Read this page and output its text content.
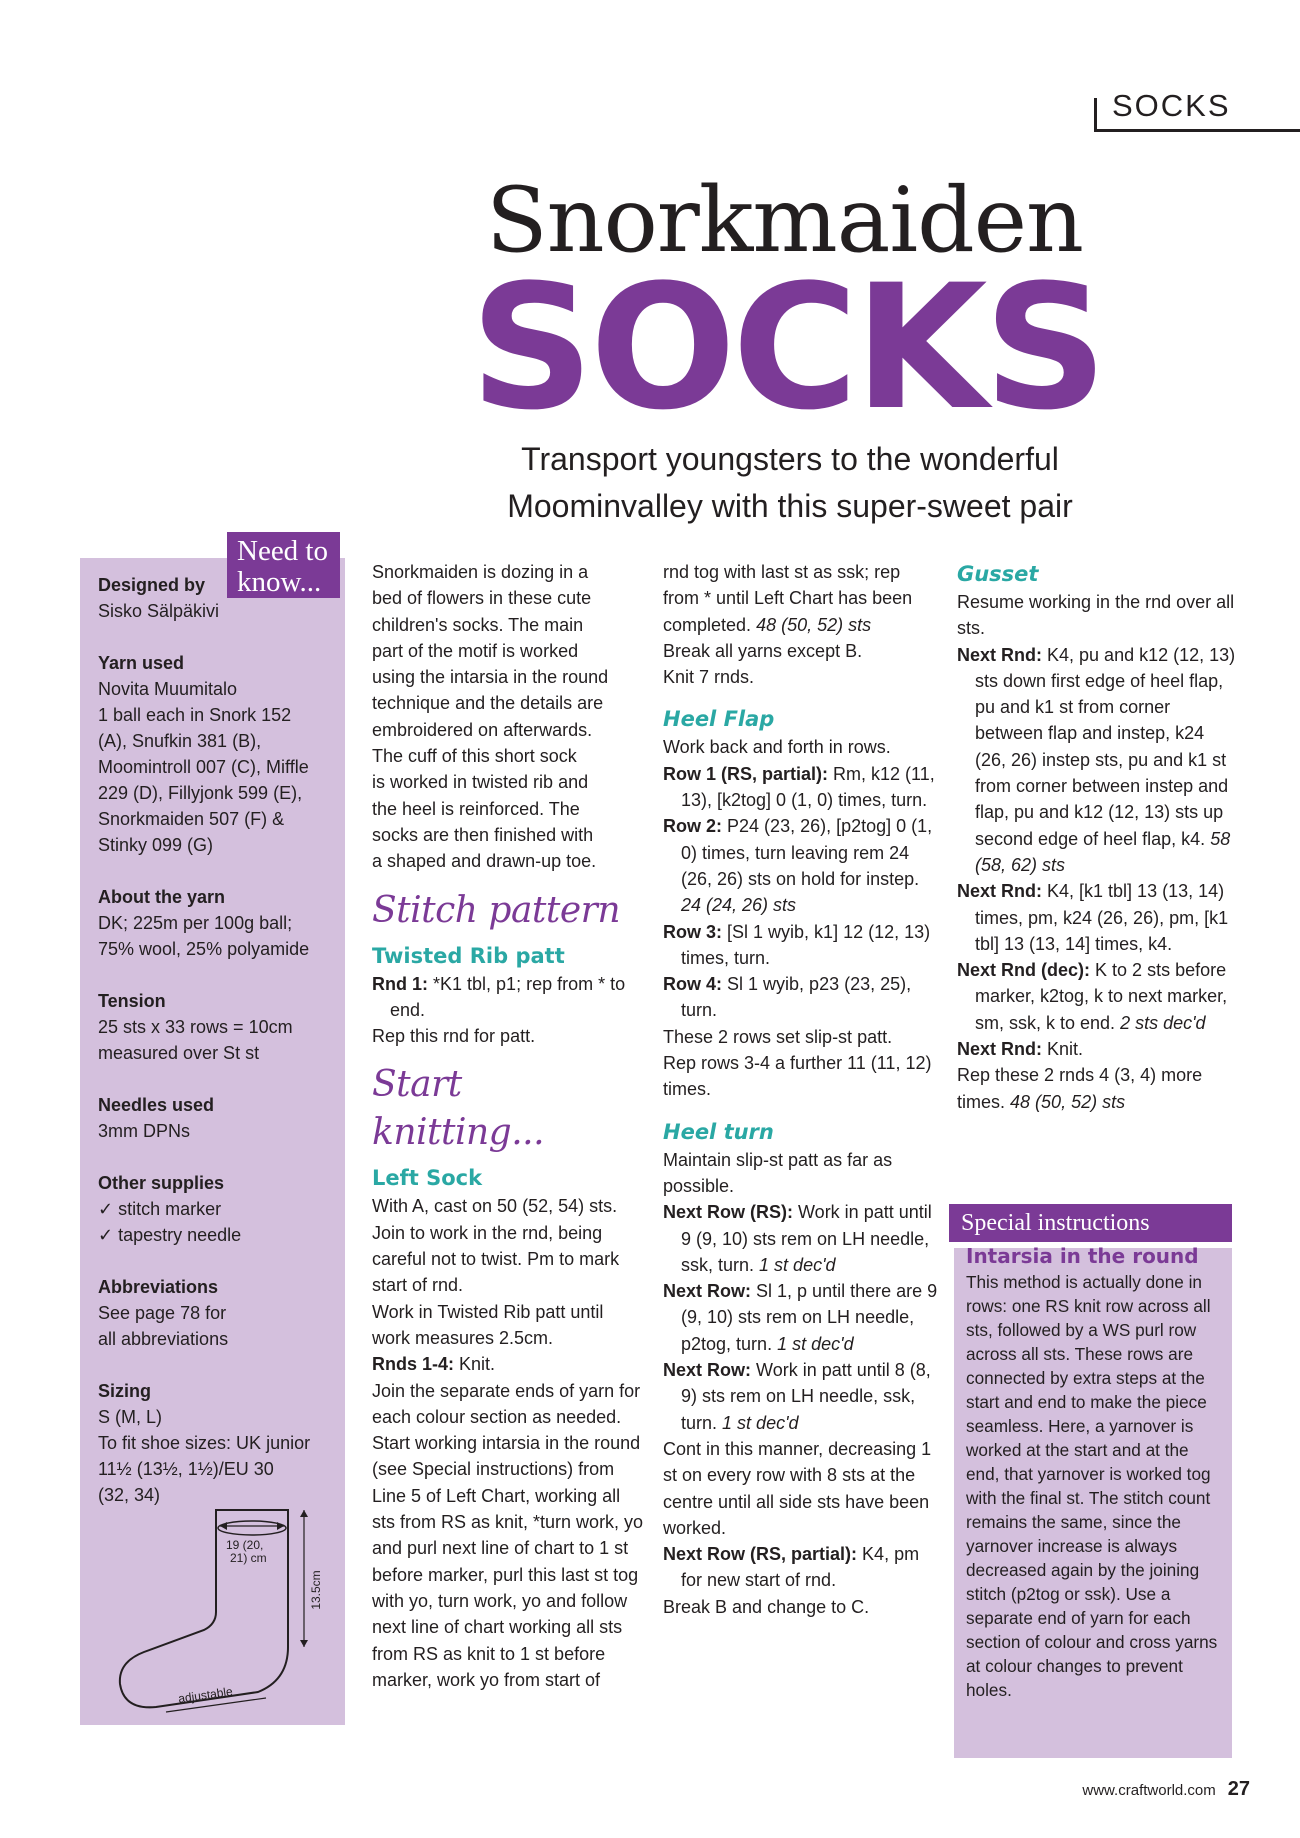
SOCKS
Snorkmaiden
SOCKS
Transport youngsters to the wonderful
Moominvalley with this super-sweet pair
Need to
know...
Designed by
Sisko Sälpäkivi
Yarn used
Novita Muumitalo
1 ball each in Snork 152
(A), Snufkin 381 (B),
Moomintroll 007 (C), Miffle
229 (D), Fillyjonk 599 (E),
Snorkmaiden 507 (F) &
Stinky 099 (G)
About the yarn
DK; 225m per 100g ball;
75% wool, 25% polyamide
Tension
25 sts x 33 rows = 10cm
measured over St st
Needles used
3mm DPNs
Other supplies
✓ stitch marker
✓ tapestry needle
Abbreviations
See page 78 for
all abbreviations
Sizing
S (M, L)
To fit shoe sizes: UK junior
11½ (13½, 1½)/EU 30
(32, 34)
19 (20,
21) cm
13.5cm
adjustable

Snorkmaiden is dozing in a

bed of flowers in these cute

children's socks. The main

part of the motif is worked

using the intarsia in the round

technique and the details are

embroidered on afterwards.

The cuff of this short sock

is worked in twisted rib and

the heel is reinforced. The

socks are then finished with

a shaped and drawn-up toe.

Stitch pattern
Twisted Rib patt

Rnd 1: *K1 tbl, p1; rep from * to end.

Rep this rnd for patt.

Start knitting...
Left Sock

With A, cast on 50 (52, 54) sts. Join to work in the rnd, being careful not to twist. Pm to mark start of rnd.

Work in Twisted Rib patt until work measures 2.5cm.

Rnds 1-4: Knit.

Join the separate ends of yarn for each colour section as needed.

Start working intarsia in the round (see Special instructions) from Line 5 of Left Chart, working all sts from RS as knit, *turn work, yo and purl next line of chart to 1 st before marker, purl this last st tog with yo, turn work, yo and follow next line of chart working all sts from RS as knit to 1 st before marker, work yo from start of

rnd tog with last st as ssk; rep from * until Left Chart has been completed. 48 (50, 52) sts

Break all yarns except B.

Knit 7 rnds.

Heel Flap

Work back and forth in rows.

Row 1 (RS, partial): Rm, k12 (11, 13), [k2tog] 0 (1, 0) times, turn.

Row 2: P24 (23, 26), [p2tog] 0 (1, 0) times, turn leaving rem 24 (26, 26) sts on hold for instep. 24 (24, 26) sts

Row 3: [Sl 1 wyib, k1] 12 (12, 13) times, turn.

Row 4: Sl 1 wyib, p23 (23, 25), turn.

These 2 rows set slip-st patt.

Rep rows 3-4 a further 11 (11, 12) times.

Heel turn

Maintain slip-st patt as far as possible.

Next Row (RS): Work in patt until 9 (9, 10) sts rem on LH needle, ssk, turn. 1 st dec'd

Next Row: Sl 1, p until there are 9 (9, 10) sts rem on LH needle, p2tog, turn. 1 st dec'd

Next Row: Work in patt until 8 (8, 9) sts rem on LH needle, ssk, turn. 1 st dec'd

Cont in this manner, decreasing 1 st on every row with 8 sts at the centre until all side sts have been worked.

Next Row (RS, partial): K4, pm for new start of rnd.

Break B and change to C.

Gusset

Resume working in the rnd over all sts.

Next Rnd: K4, pu and k12 (12, 13) sts down first edge of heel flap, pu and k1 st from corner between flap and instep, k24 (26, 26) instep sts, pu and k1 st from corner between instep and flap, pu and k12 (12, 13) sts up second edge of heel flap, k4. 58 (58, 62) sts

Next Rnd: K4, [k1 tbl] 13 (13, 14) times, pm, k24 (26, 26), pm, [k1 tbl] 13 (13, 14] times, k4.

Next Rnd (dec): K to 2 sts before marker, k2tog, k to next marker, sm, ssk, k to end. 2 sts dec'd

Next Rnd: Knit.

Rep these 2 rnds 4 (3, 4) more times. 48 (50, 52) sts

Special instructions
Intarsia in the round

This method is actually done in rows: one RS knit row across all sts, followed by a WS purl row across all sts. These rows are connected by extra steps at the start and end to make the piece seamless. Here, a yarnover is worked at the start and at the end, that yarnover is worked tog with the final st. The stitch count remains the same, since the yarnover increase is always decreased again by the joining stitch (p2tog or ssk). Use a separate end of yarn for each section of colour and cross yarns at colour changes to prevent holes.

www.craftworld.com 27
